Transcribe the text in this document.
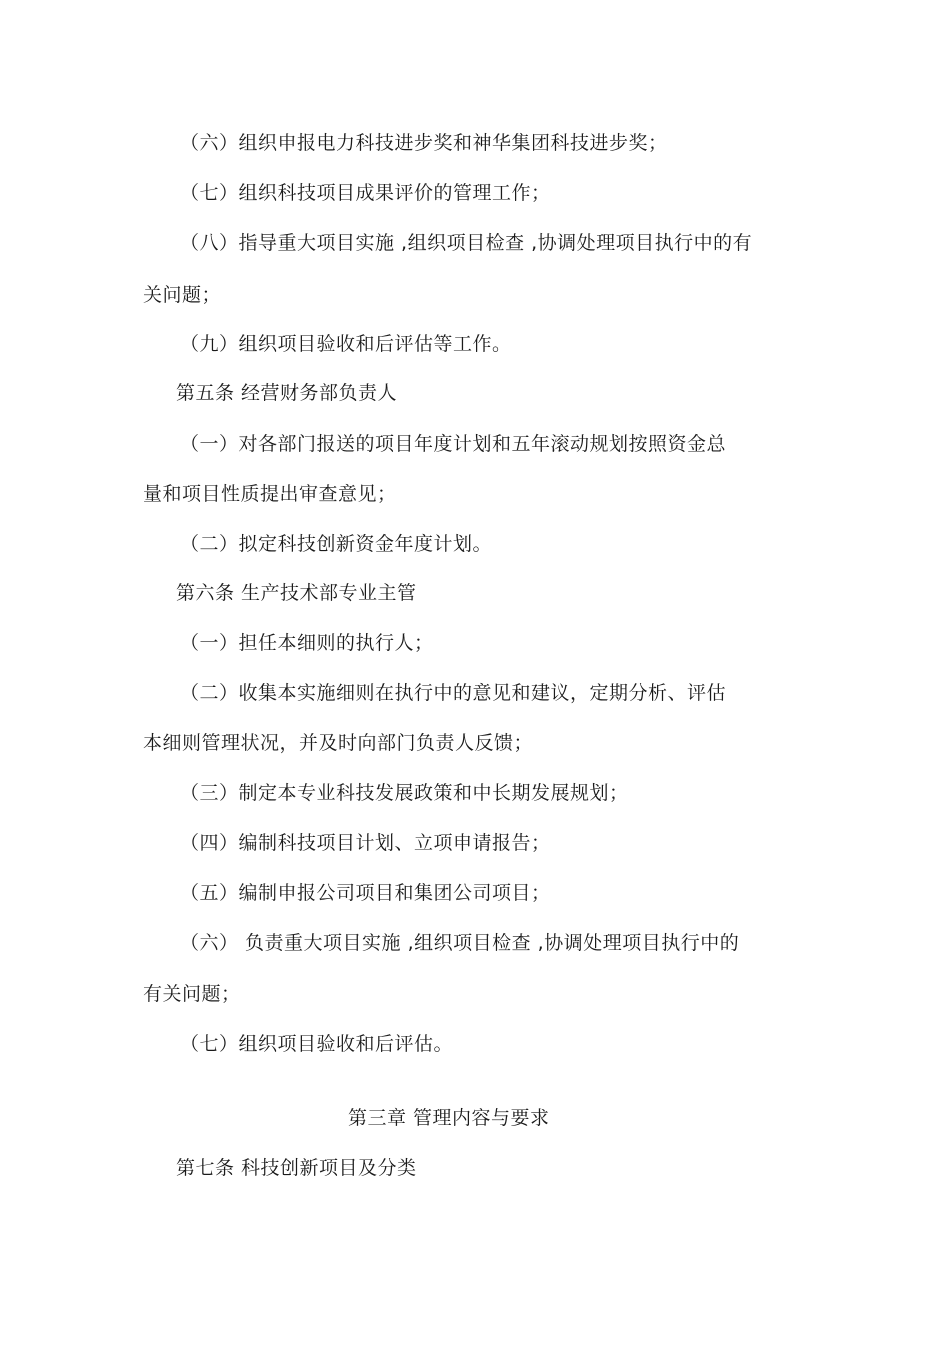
（六）组织申报电力科技进步奖和神华集团科技进步奖；
（七）组织科技项目成果评价的管理工作；
（八）指导重大项目实施 ,组织项目检查 ,协调处理项目执行中的有
关问题；
（九）组织项目验收和后评估等工作。
第五条 经营财务部负责人
（一）对各部门报送的项目年度计划和五年滚动规划按照资金总
量和项目性质提出审查意见；
（二）拟定科技创新资金年度计划。
第六条 生产技术部专业主管
（一）担任本细则的执行人；
（二）收集本实施细则在执行中的意见和建议，定期分析、评估
本细则管理状况，并及时向部门负责人反馈；
（三）制定本专业科技发展政策和中长期发展规划；
（四）编制科技项目计划、立项申请报告；
（五）编制申报公司项目和集团公司项目；
（六） 负责重大项目实施 ,组织项目检查 ,协调处理项目执行中的
有关问题；
（七）组织项目验收和后评估。
第三章 管理内容与要求
第七条 科技创新项目及分类
